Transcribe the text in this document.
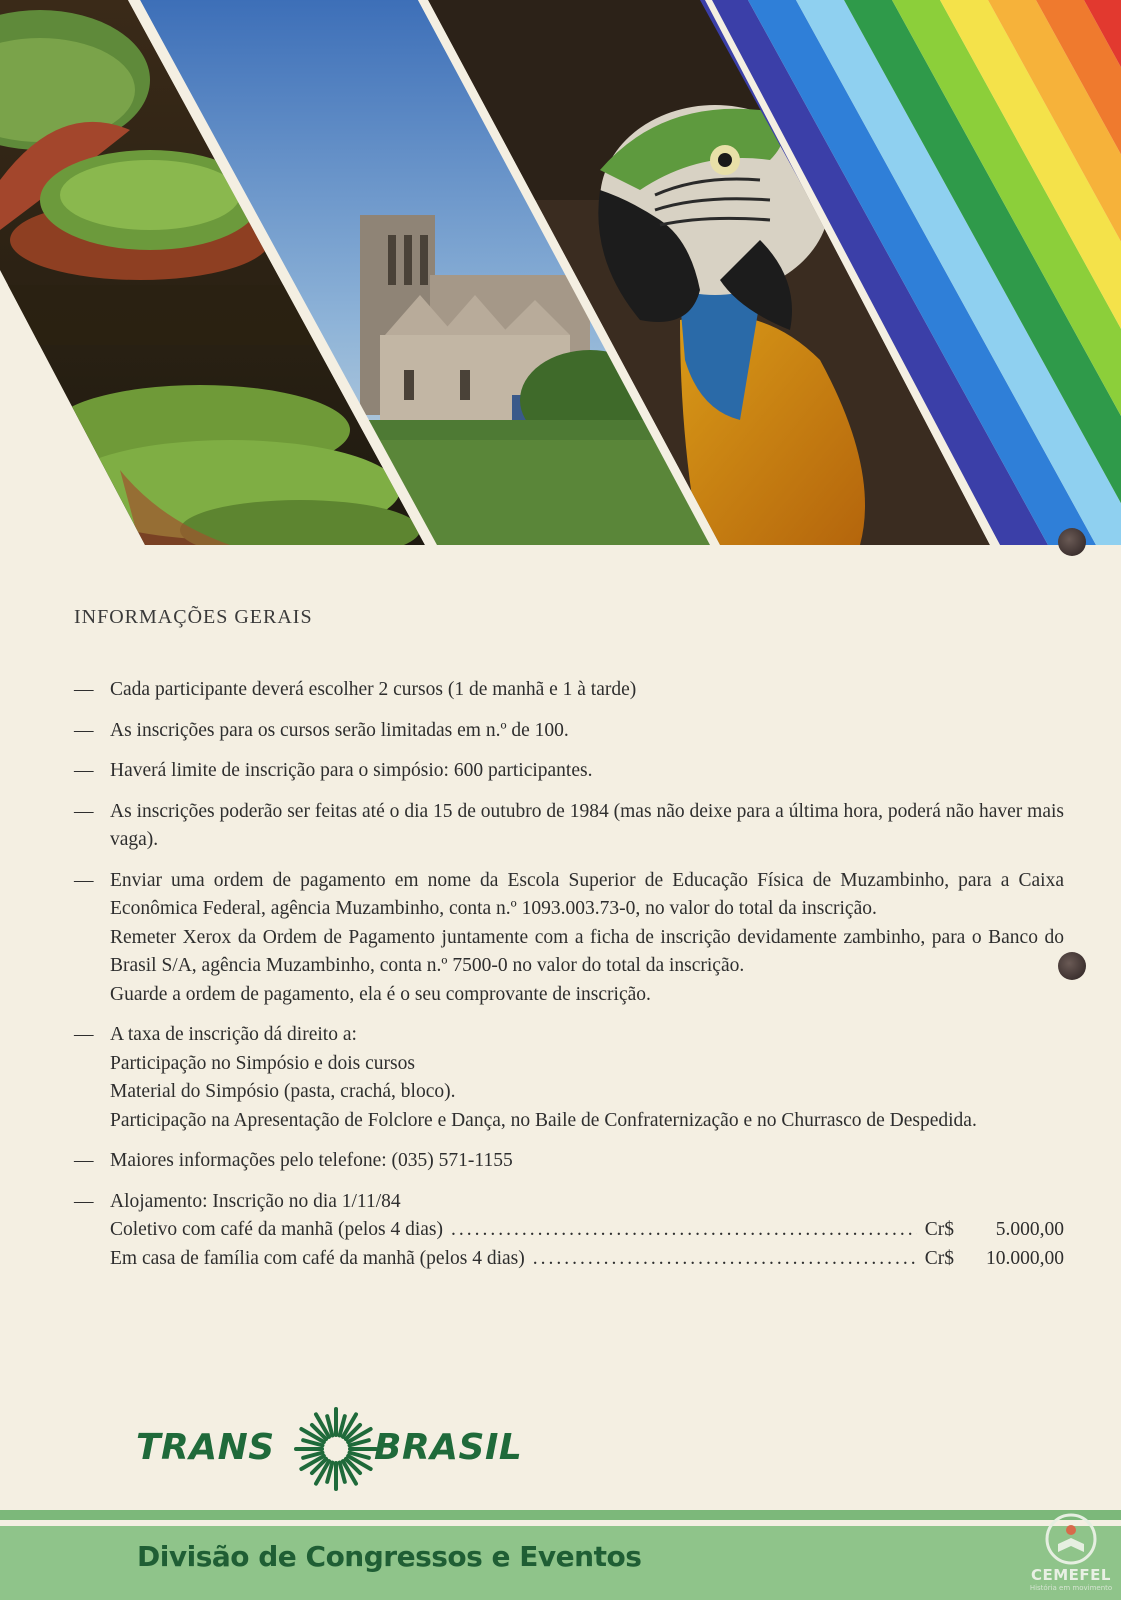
INFORMAÇÕES GERAIS
— Cada participante deverá escolher 2 cursos (1 de manhã e 1 à tarde)

— As inscrições para os cursos serão limitadas em n.º de 100.

— Haverá limite de inscrição para o simpósio: 600 participantes.

— As inscrições poderão ser feitas até o dia 15 de outubro de 1984 (mas não deixe para a última hora, poderá não haver mais vaga).

— Enviar uma ordem de pagamento em nome da Escola Superior de Educação Física de Muzambinho, para a Caixa Econômica Federal, agência Muzambinho, conta n.º 1093.003.73-0, no valor do total da inscrição.

Remeter Xerox da Ordem de Pagamento juntamente com a ficha de inscrição devidamente zambinho, para o Banco do Brasil S/A, agência Muzambinho, conta n.º 7500-0 no valor do total da inscrição.

Guarde a ordem de pagamento, ela é o seu comprovante de inscrição.

— A taxa de inscrição dá direito a:

Participação no Simpósio e dois cursos

Material do Simpósio (pasta, crachá, bloco).

Participação na Apresentação de Folclore e Dança, no Baile de Confraternização e no Churrasco de Despedida.

— Maiores informações pelo telefone: (035) 571-1155

— Alojamento: Inscrição no dia 1/11/84

Coletivo com café da manhã (pelos 4 dias) .....	Cr$	5.000,00
Em casa de família com café da manhã (pelos 4 dias) .....	Cr$	10.000,00
TRANS	BRASIL
Divisão de Congressos e Eventos
CEMEFEL
História em movimento
